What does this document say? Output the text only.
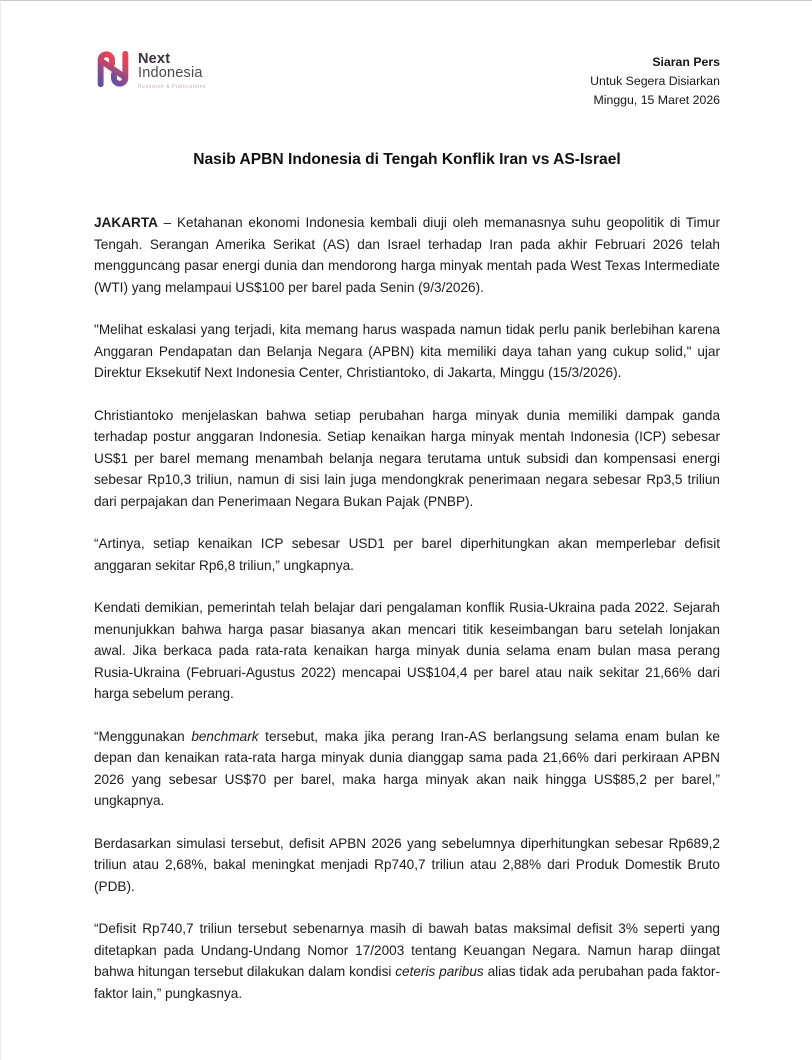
Next
Indonesia
Research & Publications
Siaran Pers
Untuk Segera Disiarkan
Minggu, 15 Maret 2026
Nasib APBN Indonesia di Tengah Konflik Iran vs AS-Israel

JAKARTA – Ketahanan ekonomi Indonesia kembali diuji oleh memanasnya suhu geopolitik di Timur Tengah. Serangan Amerika Serikat (AS) dan Israel terhadap Iran pada akhir Februari 2026 telah mengguncang pasar energi dunia dan mendorong harga minyak mentah pada West Texas Intermediate (WTI) yang melampaui US$100 per barel pada Senin (9/3/2026).

"Melihat eskalasi yang terjadi, kita memang harus waspada namun tidak perlu panik berlebihan karena Anggaran Pendapatan dan Belanja Negara (APBN) kita memiliki daya tahan yang cukup solid," ujar Direktur Eksekutif Next Indonesia Center, Christiantoko, di Jakarta, Minggu (15/3/2026).

Christiantoko menjelaskan bahwa setiap perubahan harga minyak dunia memiliki dampak ganda terhadap postur anggaran Indonesia. Setiap kenaikan harga minyak mentah Indonesia (ICP) sebesar US$1 per barel memang menambah belanja negara terutama untuk subsidi dan kompensasi energi sebesar Rp10,3 triliun, namun di sisi lain juga mendongkrak penerimaan negara sebesar Rp3,5 triliun dari perpajakan dan Penerimaan Negara Bukan Pajak (PNBP).

“Artinya, setiap kenaikan ICP sebesar USD1 per barel diperhitungkan akan memperlebar defisit anggaran sekitar Rp6,8 triliun,” ungkapnya.

Kendati demikian, pemerintah telah belajar dari pengalaman konflik Rusia-Ukraina pada 2022. Sejarah menunjukkan bahwa harga pasar biasanya akan mencari titik keseimbangan baru setelah lonjakan awal. Jika berkaca pada rata-rata kenaikan harga minyak dunia selama enam bulan masa perang Rusia-Ukraina (Februari-Agustus 2022) mencapai US$104,4 per barel atau naik sekitar 21,66% dari harga sebelum perang.

“Menggunakan benchmark tersebut, maka jika perang Iran-AS berlangsung selama enam bulan ke depan dan kenaikan rata-rata harga minyak dunia dianggap sama pada 21,66% dari perkiraan APBN 2026 yang sebesar US$70 per barel, maka harga minyak akan naik hingga US$85,2 per barel,” ungkapnya.

Berdasarkan simulasi tersebut, defisit APBN 2026 yang sebelumnya diperhitungkan sebesar Rp689,2 triliun atau 2,68%, bakal meningkat menjadi Rp740,7 triliun atau 2,88% dari Produk Domestik Bruto (PDB).

“Defisit Rp740,7 triliun tersebut sebenarnya masih di bawah batas maksimal defisit 3% seperti yang ditetapkan pada Undang-Undang Nomor 17/2003 tentang Keuangan Negara. Namun harap diingat bahwa hitungan tersebut dilakukan dalam kondisi ceteris paribus alias tidak ada perubahan pada faktor-faktor lain,” pungkasnya.
